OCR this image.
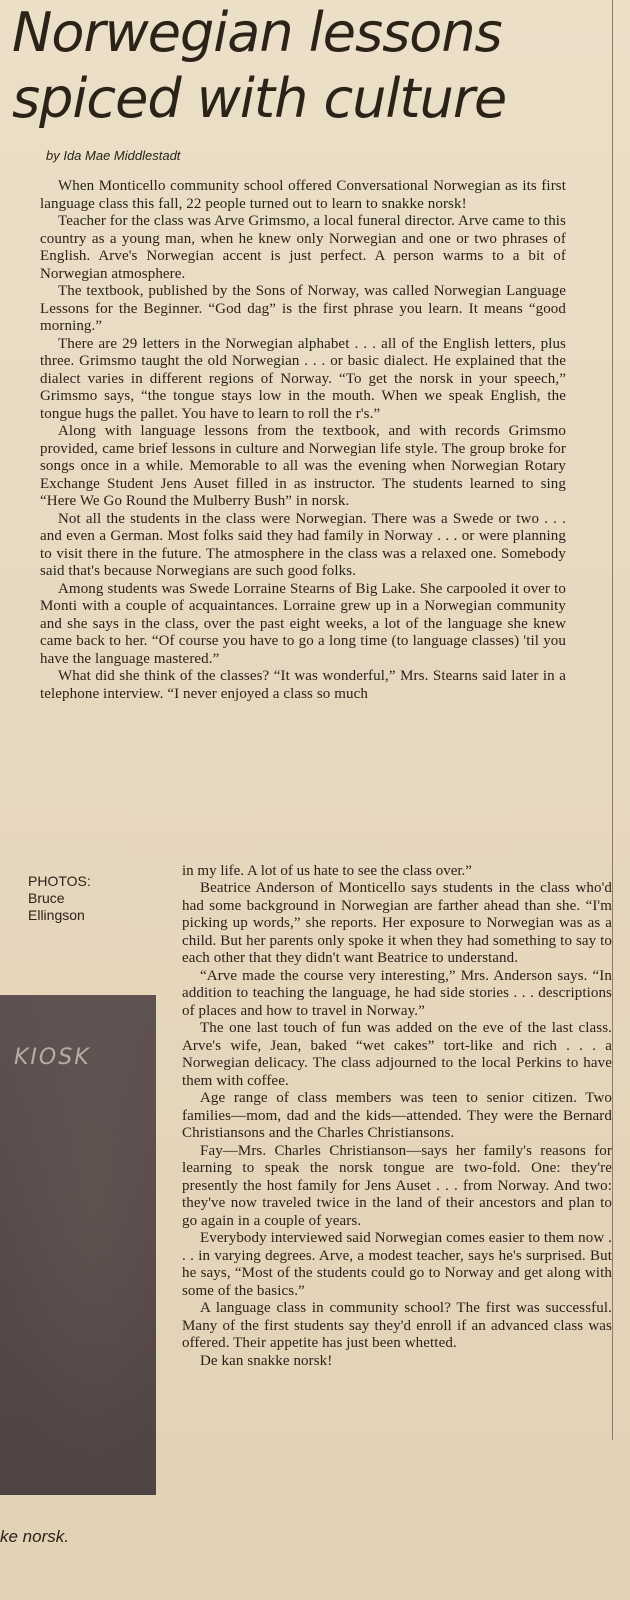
Norwegian lessons
spiced with culture
by Ida Mae Middlestadt

When Monticello community school offered Conversational Norwegian as its first language class this fall, 22 people turned out to learn to snakke norsk!

Teacher for the class was Arve Grimsmo, a local funeral director. Arve came to this country as a young man, when he knew only Norwegian and one or two phrases of English. Arve's Norwegian accent is just perfect. A person warms to a bit of Norwegian atmosphere.

The textbook, published by the Sons of Norway, was called Norwegian Language Lessons for the Beginner. “God dag” is the first phrase you learn. It means “good morning.”

There are 29 letters in the Norwegian alphabet . . . all of the English letters, plus three. Grimsmo taught the old Norwegian . . . or basic dialect. He explained that the dialect varies in different regions of Norway. “To get the norsk in your speech,” Grimsmo says, “the tongue stays low in the mouth. When we speak English, the tongue hugs the pallet. You have to learn to roll the r's.”

Along with language lessons from the textbook, and with records Grimsmo provided, came brief lessons in culture and Norwegian life style. The group broke for songs once in a while. Memorable to all was the evening when Norwegian Rotary Exchange Student Jens Auset filled in as instructor. The students learned to sing “Here We Go Round the Mulberry Bush” in norsk.

Not all the students in the class were Norwegian. There was a Swede or two . . . and even a German. Most folks said they had family in Norway . . . or were planning to visit there in the future. The atmosphere in the class was a relaxed one. Somebody said that's because Norwegians are such good folks.

Among students was Swede Lorraine Stearns of Big Lake. She carpooled it over to Monti with a couple of acquaintances. Lorraine grew up in a Norwegian community and she says in the class, over the past eight weeks, a lot of the language she knew came back to her. “Of course you have to go a long time (to language classes) 'til you have the language mastered.”

What did she think of the classes? “It was wonderful,” Mrs. Stearns said later in a telephone interview. “I never enjoyed a class so much

in my life. A lot of us hate to see the class over.”

PHOTOS:
Bruce
Ellingson

Beatrice Anderson of Monticello says students in the class who'd had some background in Norwegian are farther ahead than she. “I'm picking up words,” she reports. Her exposure to Norwegian was as a child. But her parents only spoke it when they had something to say to each other that they didn't want Beatrice to understand.

“Arve made the course very interesting,” Mrs. Anderson says. “In addition to teaching the language, he had side stories . . . descriptions of places and how to travel in Norway.”

The one last touch of fun was added on the eve of the last class. Arve's wife, Jean, baked “wet cakes” tort-like and rich . . . a Norwegian delicacy. The class adjourned to the local Perkins to have them with coffee.

Age range of class members was teen to senior citizen. Two families—mom, dad and the kids—attended. They were the Bernard Christiansons and the Charles Christiansons.

Fay—Mrs. Charles Christianson—says her family's reasons for learning to speak the norsk tongue are two-fold. One: they're presently the host family for Jens Auset . . . from Norway. And two: they've now traveled twice in the land of their ancestors and plan to go again in a couple of years.

Everybody interviewed said Norwegian comes easier to them now . . . in varying degrees. Arve, a modest teacher, says he's surprised. But he says, “Most of the students could go to Norway and get along with some of the basics.”

A language class in community school? The first was successful. Many of the first students say they'd enroll if an advanced class was offered. Their appetite has just been whetted.

De kan snakke norsk!

KIOSK
ke norsk.
